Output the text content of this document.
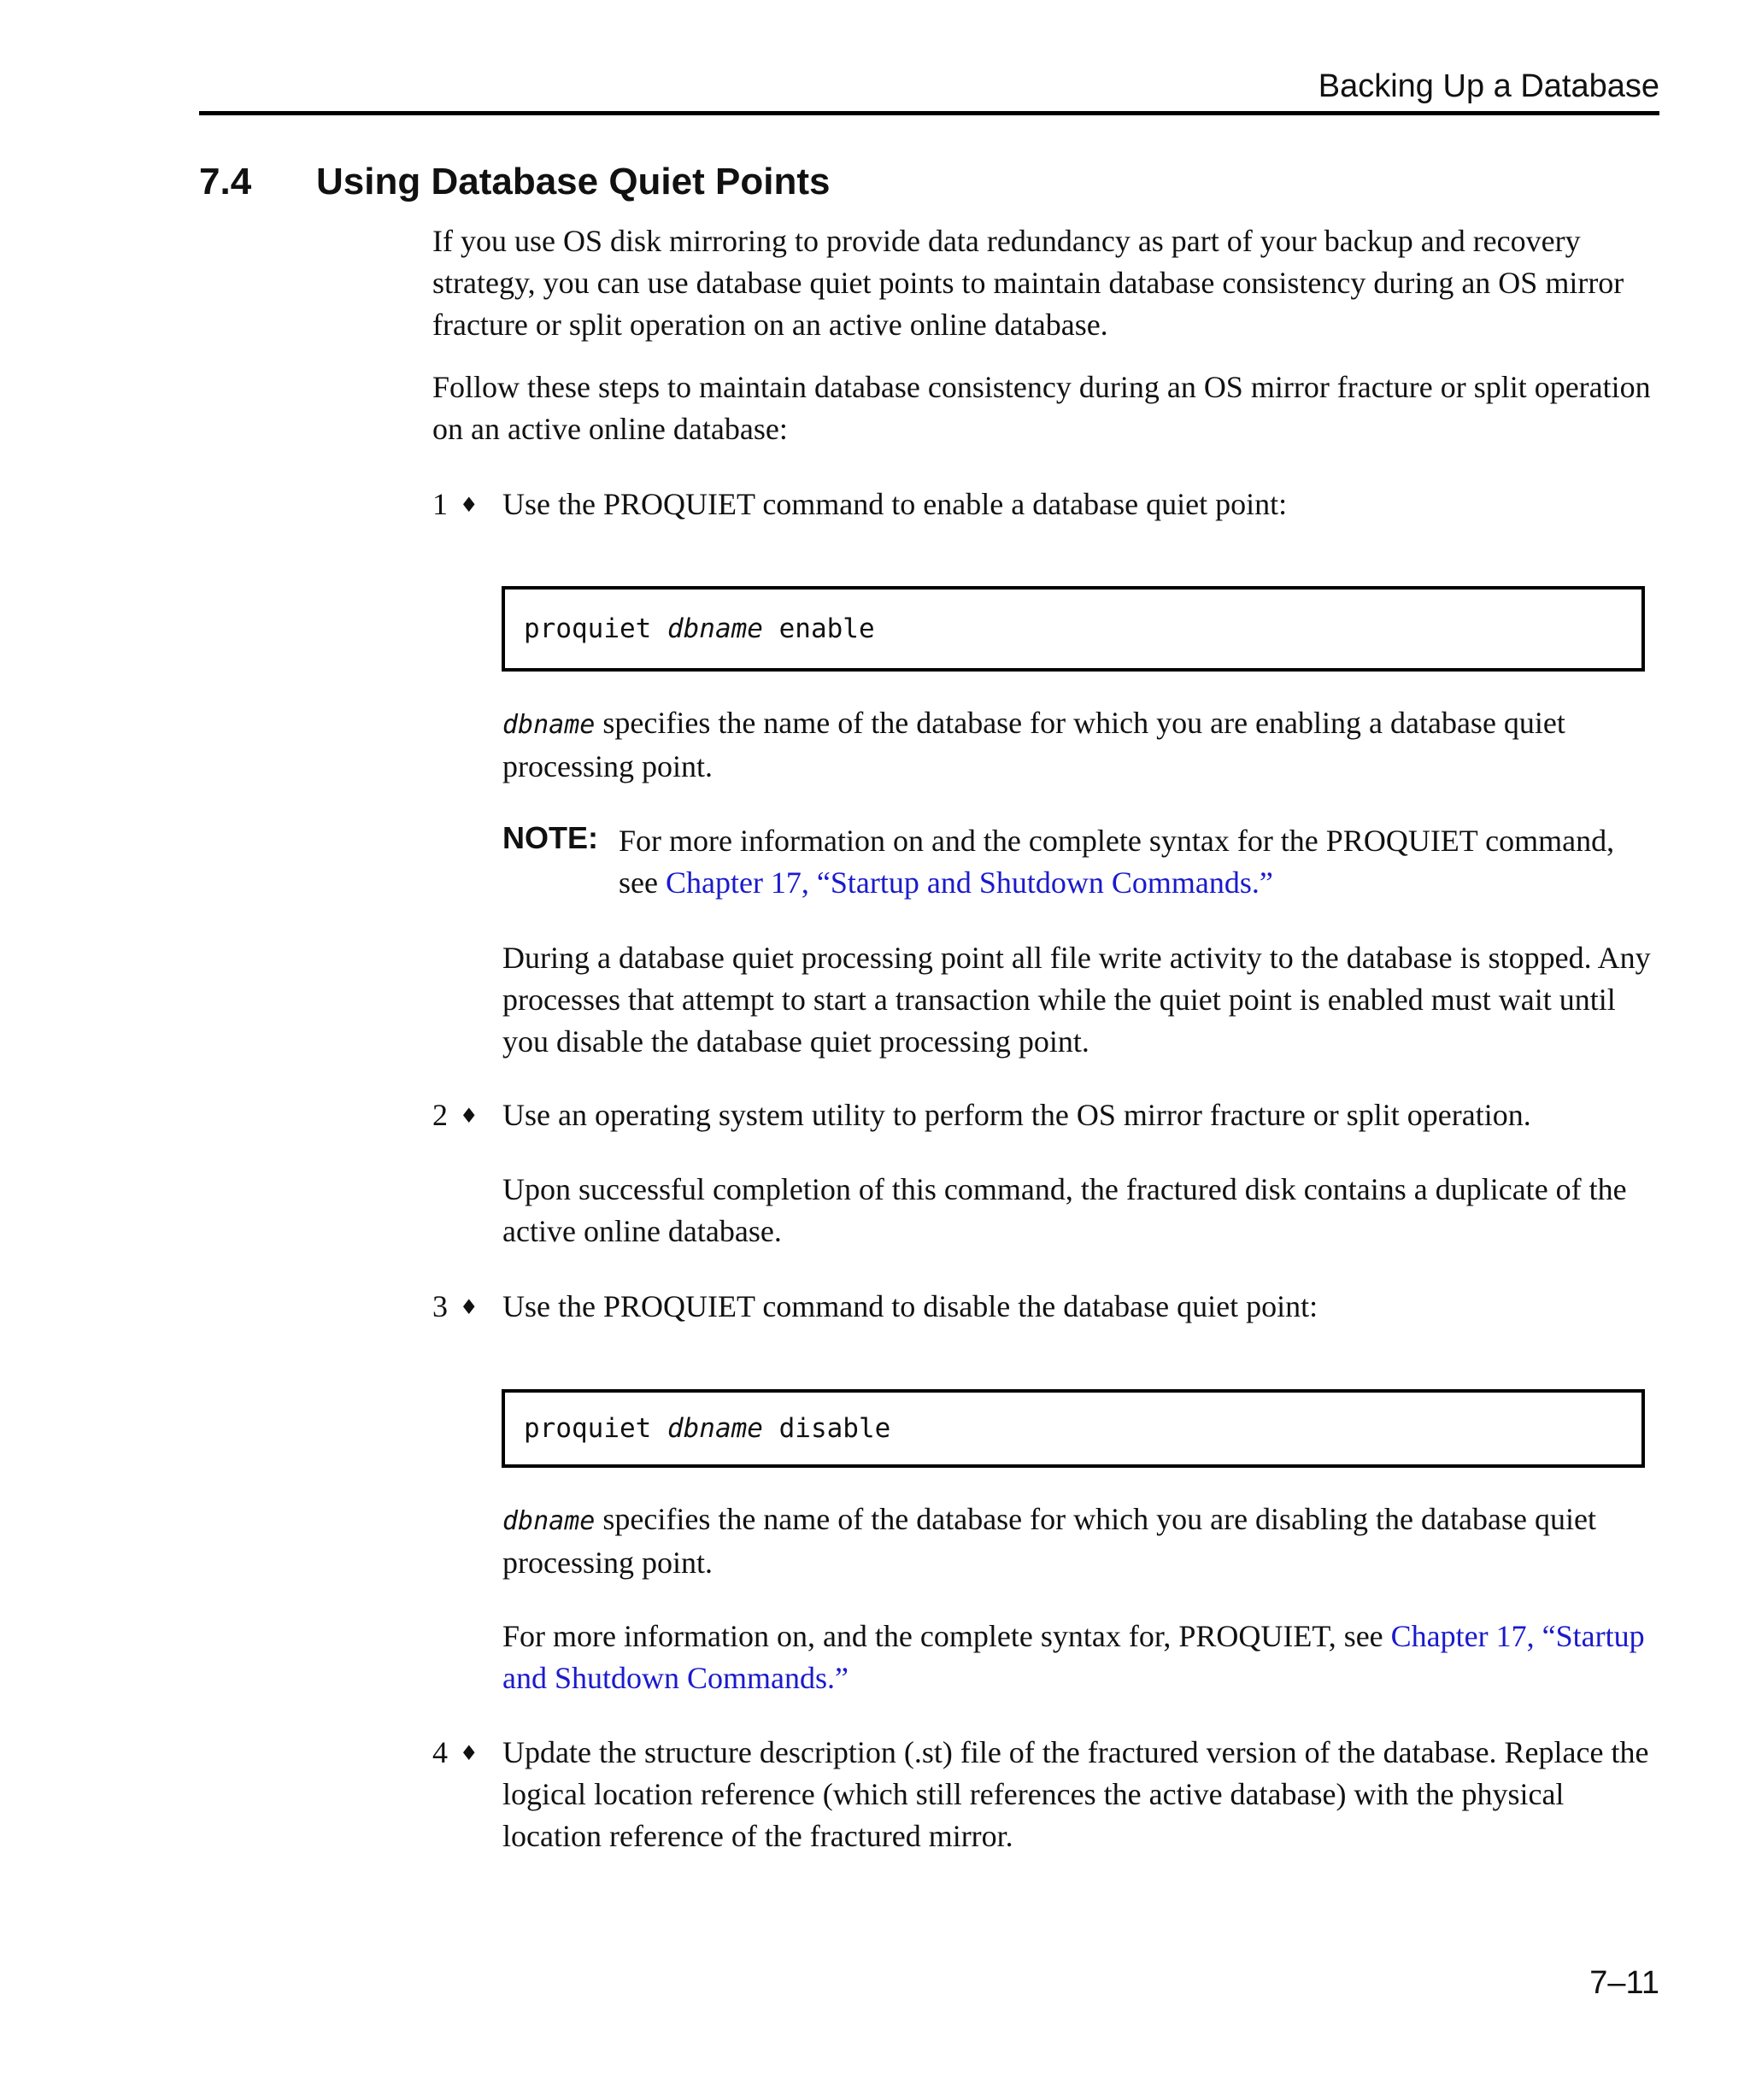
Backing Up a Database
7.4 Using Database Quiet Points

If you use OS disk mirroring to provide data redundancy as part of your backup and recovery strategy, you can use database quiet points to maintain database consistency during an OS mirror fracture or split operation on an active online database.

Follow these steps to maintain database consistency during an OS mirror fracture or split operation on an active online database:

1 ♦ Use the PROQUIET command to enable a database quiet point:

proquiet dbname enable

dbname specifies the name of the database for which you are enabling a database quiet processing point.

NOTE: For more information on and the complete syntax for the PROQUIET command, see Chapter 17, “Startup and Shutdown Commands.”

During a database quiet processing point all file write activity to the database is stopped. Any processes that attempt to start a transaction while the quiet point is enabled must wait until you disable the database quiet processing point.

2 ♦ Use an operating system utility to perform the OS mirror fracture or split operation.

Upon successful completion of this command, the fractured disk contains a duplicate of the active online database.

3 ♦ Use the PROQUIET command to disable the database quiet point:

proquiet dbname disable

dbname specifies the name of the database for which you are disabling the database quiet processing point.

For more information on, and the complete syntax for, PROQUIET, see Chapter 17, “Startup and Shutdown Commands.”

4 ♦ Update the structure description (.st) file of the fractured version of the database. Replace the logical location reference (which still references the active database) with the physical location reference of the fractured mirror.

7–11
